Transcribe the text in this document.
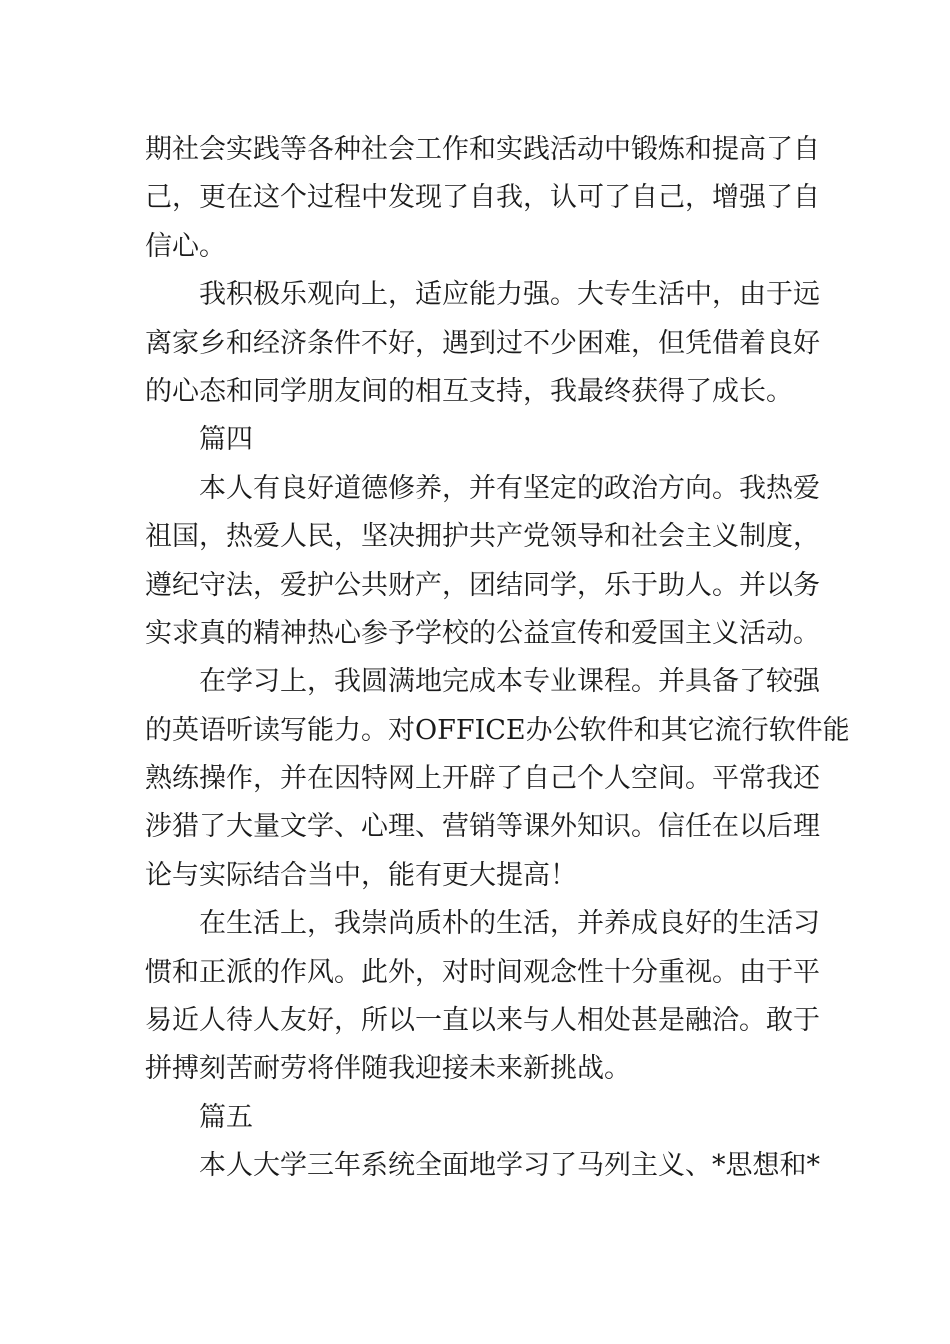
期社会实践等各种社会工作和实践活动中锻炼和提高了自
己，更在这个过程中发现了自我，认可了自己，增强了自
信心。
我积极乐观向上，适应能力强。大专生活中，由于远
离家乡和经济条件不好，遇到过不少困难，但凭借着良好
的心态和同学朋友间的相互支持，我最终获得了成长。
篇四
本人有良好道德修养，并有坚定的政治方向。我热爱
祖国，热爱人民，坚决拥护共产党领导和社会主义制度，
遵纪守法，爱护公共财产，团结同学，乐于助人。并以务
实求真的精神热心参予学校的公益宣传和爱国主义活动。
在学习上，我圆满地完成本专业课程。并具备了较强
的英语听读写能力。对OFFICE办公软件和其它流行软件能
熟练操作，并在因特网上开辟了自己个人空间。平常我还
涉猎了大量文学、心理、营销等课外知识。信任在以后理
论与实际结合当中，能有更大提高！
在生活上，我崇尚质朴的生活，并养成良好的生活习
惯和正派的作风。此外，对时间观念性十分重视。由于平
易近人待人友好，所以一直以来与人相处甚是融洽。敢于
拼搏刻苦耐劳将伴随我迎接未来新挑战。
篇五
本人大学三年系统全面地学习了马列主义、*思想和*
